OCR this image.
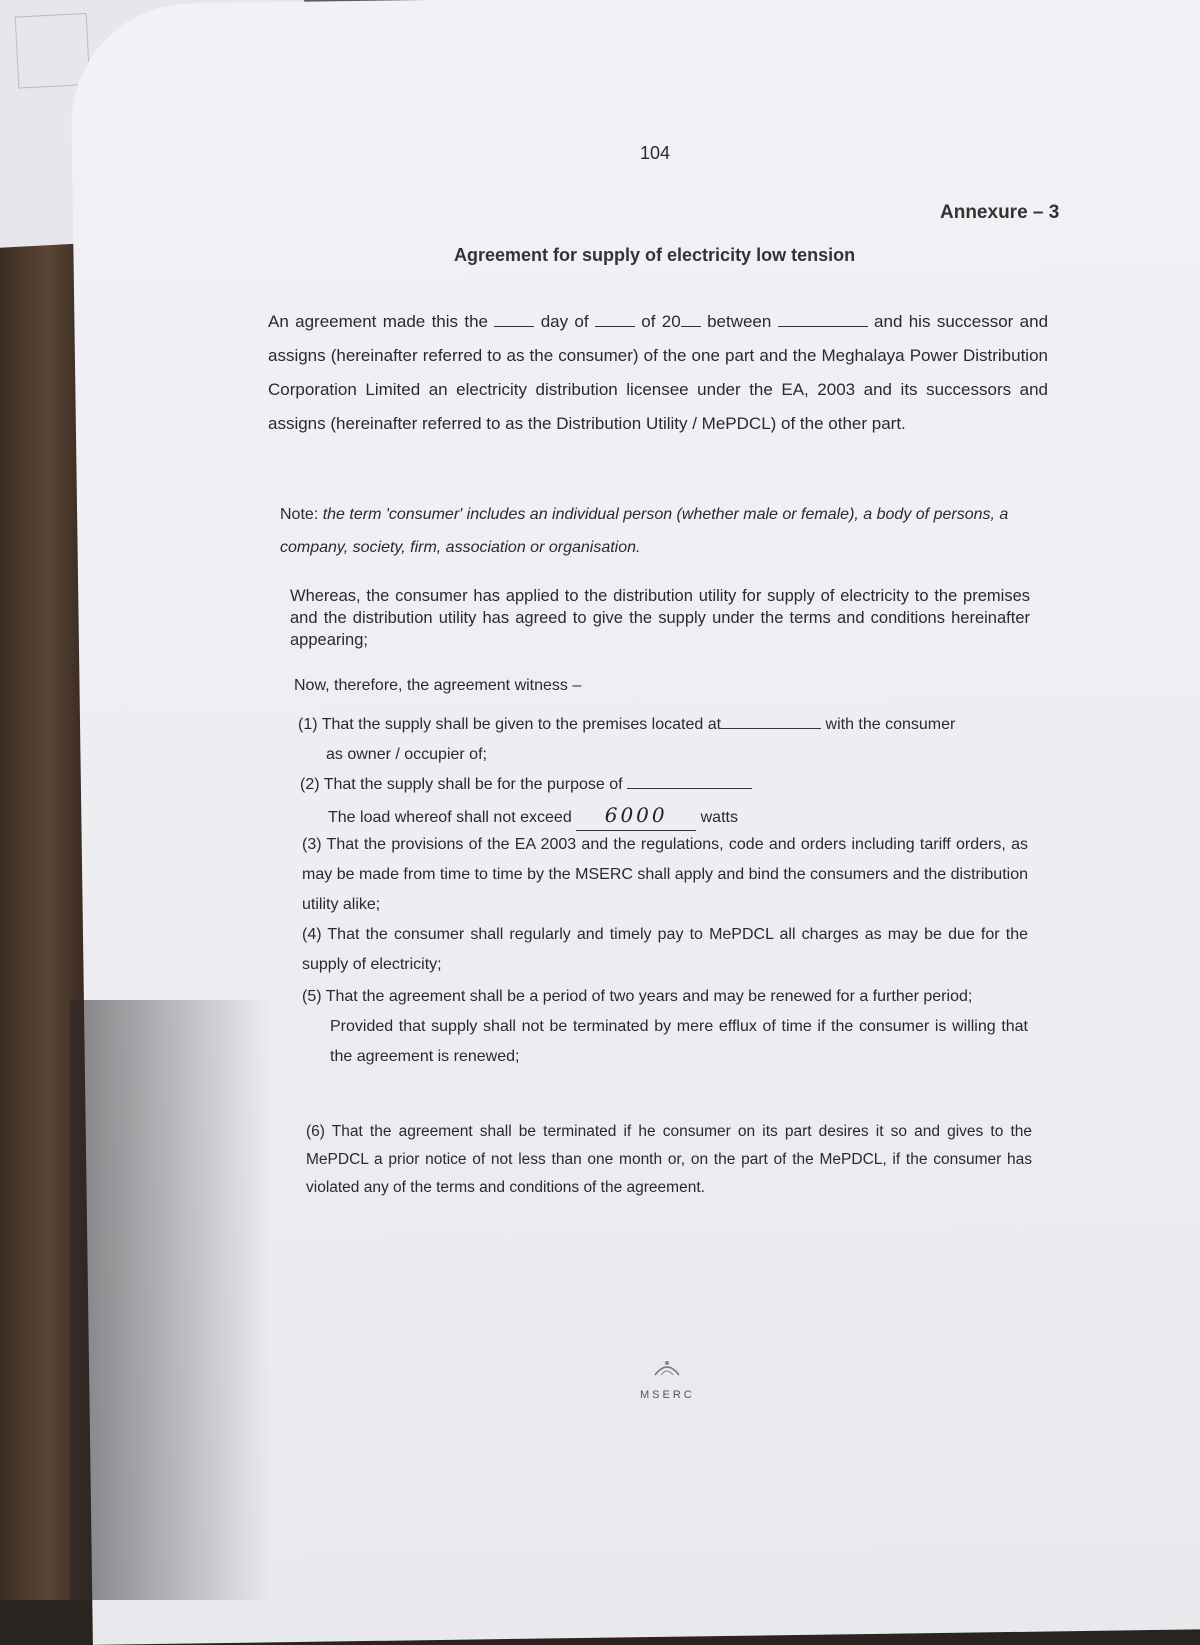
104
Annexure – 3
Agreement for supply of electricity low tension
An agreement made this the	day of	of 20 between	and his successor and assigns (hereinafter referred to as the consumer) of the one part and the Meghalaya Power Distribution Corporation Limited an electricity distribution licensee under the EA, 2003 and its successors and assigns (hereinafter referred to as the Distribution Utility / MePDCL) of the other part.
Note: the term 'consumer' includes an individual person (whether male or female), a body of persons, a company, society, firm, association or organisation.
Whereas, the consumer has applied to the distribution utility for supply of electricity to the premises and the distribution utility has agreed to give the supply under the terms and conditions hereinafter appearing;
Now, therefore, the agreement witness –
(1) That the supply shall be given to the premises located at	with the consumer
as owner / occupier of;
(2) That the supply shall be for the purpose of
The load whereof shall not exceed 6000 watts
(3) That the provisions of the EA 2003 and the regulations, code and orders including tariff orders, as may be made from time to time by the MSERC shall apply and bind the consumers and the distribution utility alike;
(4) That the consumer shall regularly and timely pay to MePDCL all charges as may be due for the supply of electricity;
(5) That the agreement shall be a period of two years and may be renewed for a further period;
Provided that supply shall not be terminated by mere efflux of time if the consumer is willing that the agreement is renewed;
(6) That the agreement shall be terminated if he consumer on its part desires it so and gives to the MePDCL a prior notice of not less than one month or, on the part of the MePDCL, if the consumer has violated any of the terms and conditions of the agreement.
MSERC
